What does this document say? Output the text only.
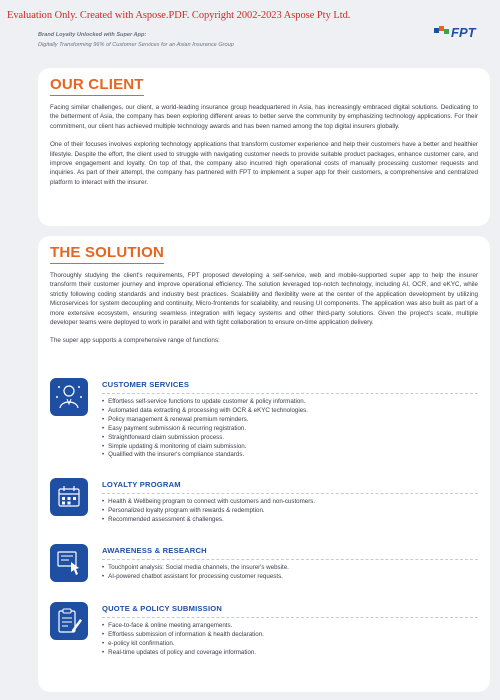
Evaluation Only. Created with Aspose.PDF. Copyright 2002-2023 Aspose Pty Ltd.
Brand Loyalty Unlocked with Super App:
Digitally Transforming 96% of Customer Services for an Asian Insurance Group
FPT
OUR CLIENT

Facing similar challenges, our client, a world-leading insurance group headquartered in Asia, has increasingly embraced digital solutions. Dedicating to the betterment of Asia, the company has been exploring different areas to better serve the community by emphasizing technology applications. For their commitment, our client has achieved multiple technology awards and has been named among the top digital insurers globally.

One of their focuses involves exploring technology applications that transform customer experience and help their customers have a better and healthier lifestyle. Despite the effort, the client used to struggle with navigating customer needs to provide suitable product packages, enhance customer care, and improve engagement and loyalty. On top of that, the company also incurred high operational costs of manually processing customer requests and inquiries. As part of their attempt, the company has partnered with FPT to implement a super app for their customers, a comprehensive and centralized platform to interact with the insurer.

THE SOLUTION

Thoroughly studying the client's requirements, FPT proposed developing a self-service, web and mobile-supported super app to help the insurer transform their customer journey and improve operational efficiency. The solution leveraged top-notch technology, including AI, OCR, and eKYC, while strictly following coding standards and industry best practices. Scalability and flexibility were at the center of the application development by utilizing Microservices for system decoupling and continuity, Micro-frontends for scalability, and reusing UI components. The application was also built as part of a more extensive ecosystem, ensuring seamless integration with legacy systems and other third-party solutions. Given the project's scale, multiple developer teams were deployed to work in parallel and with tight collaboration to ensure on-time application delivery.

The super app supports a comprehensive range of functions:

CUSTOMER SERVICES
• Effortless self-service functions to update customer & policy information.
• Automated data extracting & processing with OCR & eKYC technologies.
• Policy management & renewal premium reminders.
• Easy payment submission & recurring registration.
• Straightforward claim submission process.
• Simple updating & monitoring of claim submission.
• Qualified with the insurer's compliance standards.
LOYALTY PROGRAM
• Health & Wellbeing program to connect with customers and non-customers.
• Personalized loyalty program with rewards & redemption.
• Recommended assessment & challenges.
AWARENESS & RESEARCH
• Touchpoint analysis: Social media channels, the insurer's website.
• AI-powered chatbot assistant for processing customer requests.
QUOTE & POLICY SUBMISSION
• Face-to-face & online meeting arrangements.
• Effortless submission of information & health declaration.
• e-policy kit confirmation.
• Real-time updates of policy and coverage information.
